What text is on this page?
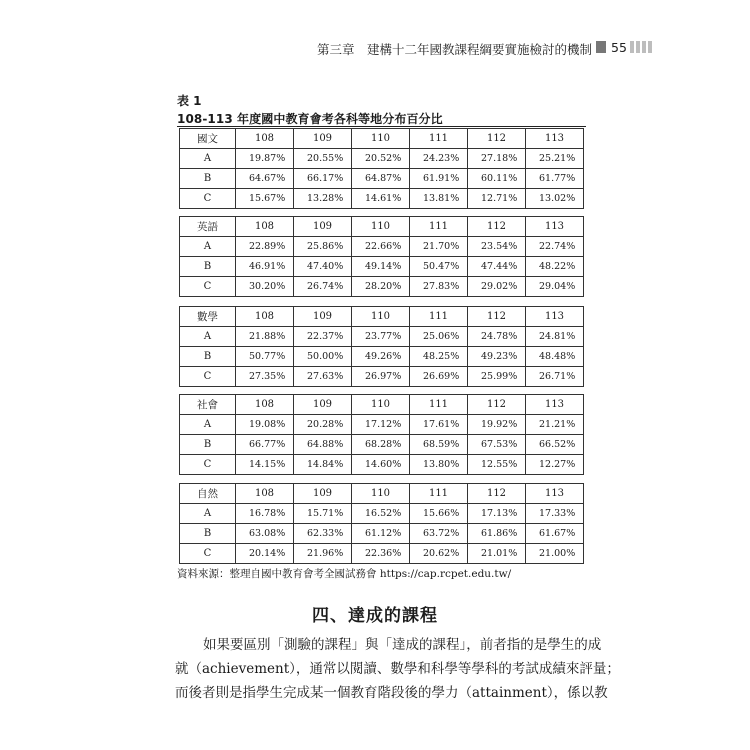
第三章　建構十二年國教課程綱要實施檢討的機制 55
表 1
108-113 年度國中教育會考各科等地分布百分比
國文	108	109	110	111	112	113
A	19.87%	20.55%	20.52%	24.23%	27.18%	25.21%
B	64.67%	66.17%	64.87%	61.91%	60.11%	61.77%
C	15.67%	13.28%	14.61%	13.81%	12.71%	13.02%
英語	108	109	110	111	112	113
A	22.89%	25.86%	22.66%	21.70%	23.54%	22.74%
B	46.91%	47.40%	49.14%	50.47%	47.44%	48.22%
C	30.20%	26.74%	28.20%	27.83%	29.02%	29.04%
數學	108	109	110	111	112	113
A	21.88%	22.37%	23.77%	25.06%	24.78%	24.81%
B	50.77%	50.00%	49.26%	48.25%	49.23%	48.48%
C	27.35%	27.63%	26.97%	26.69%	25.99%	26.71%
社會	108	109	110	111	112	113
A	19.08%	20.28%	17.12%	17.61%	19.92%	21.21%
B	66.77%	64.88%	68.28%	68.59%	67.53%	66.52%
C	14.15%	14.84%	14.60%	13.80%	12.55%	12.27%
自然	108	109	110	111	112	113
A	16.78%	15.71%	16.52%	15.66%	17.13%	17.33%
B	63.08%	62.33%	61.12%	63.72%	61.86%	61.67%
C	20.14%	21.96%	22.36%	20.62%	21.01%	21.00%
資料來源：整理自國中教育會考全國試務會 https://cap.rcpet.edu.tw/
四、達成的課程
如果要區別「測驗的課程」與「達成的課程」，前者指的是學生的成
就（achievement），通常以閱讀、數學和科學等學科的考試成績來評量；
而後者則是指學生完成某一個教育階段後的學力（attainment），係以教
